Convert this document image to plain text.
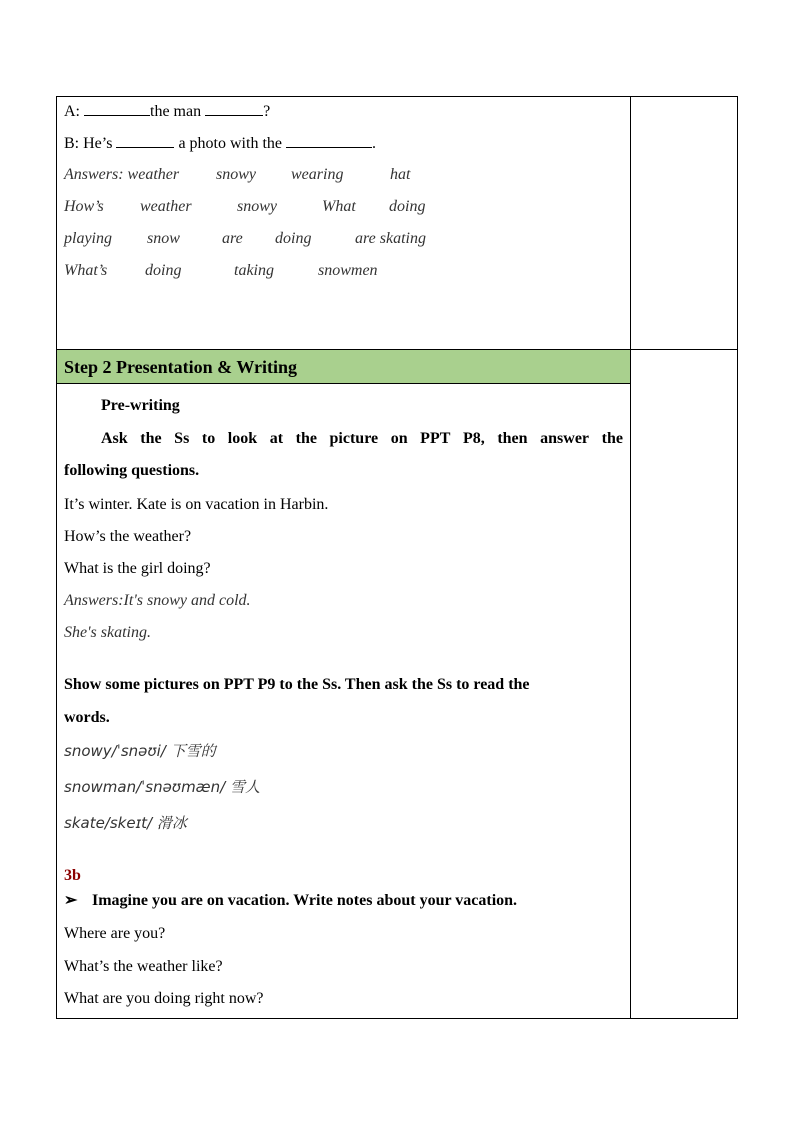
A:	the man	?
B: He’s	a photo with the	.
Answers: weather snowy wearing	hat
How’s weather	snowy	What doing
playing snow	are doing	are skating
What’s doing	taking	snowmen
Step 2 Presentation & Writing
Pre-writing
Ask the Ss to look at the picture on PPT P8, then answer the
following questions.
It’s winter. Kate is on vacation in Harbin.
How’s the weather?
What is the girl doing?
Answers:It's snowy and cold.
She's skating.
Show some pictures on PPT P9 to the Ss. Then ask the Ss to read the
words.
snowy/ˈsnəʊi/ 下雪的
snowman/ˈsnəʊmæn/ 雪人
skate/skeɪt/ 滑冰
3b
➢ Imagine you are on vacation. Write notes about your vacation.
Where are you?
What’s the weather like?
What are you doing right now?
